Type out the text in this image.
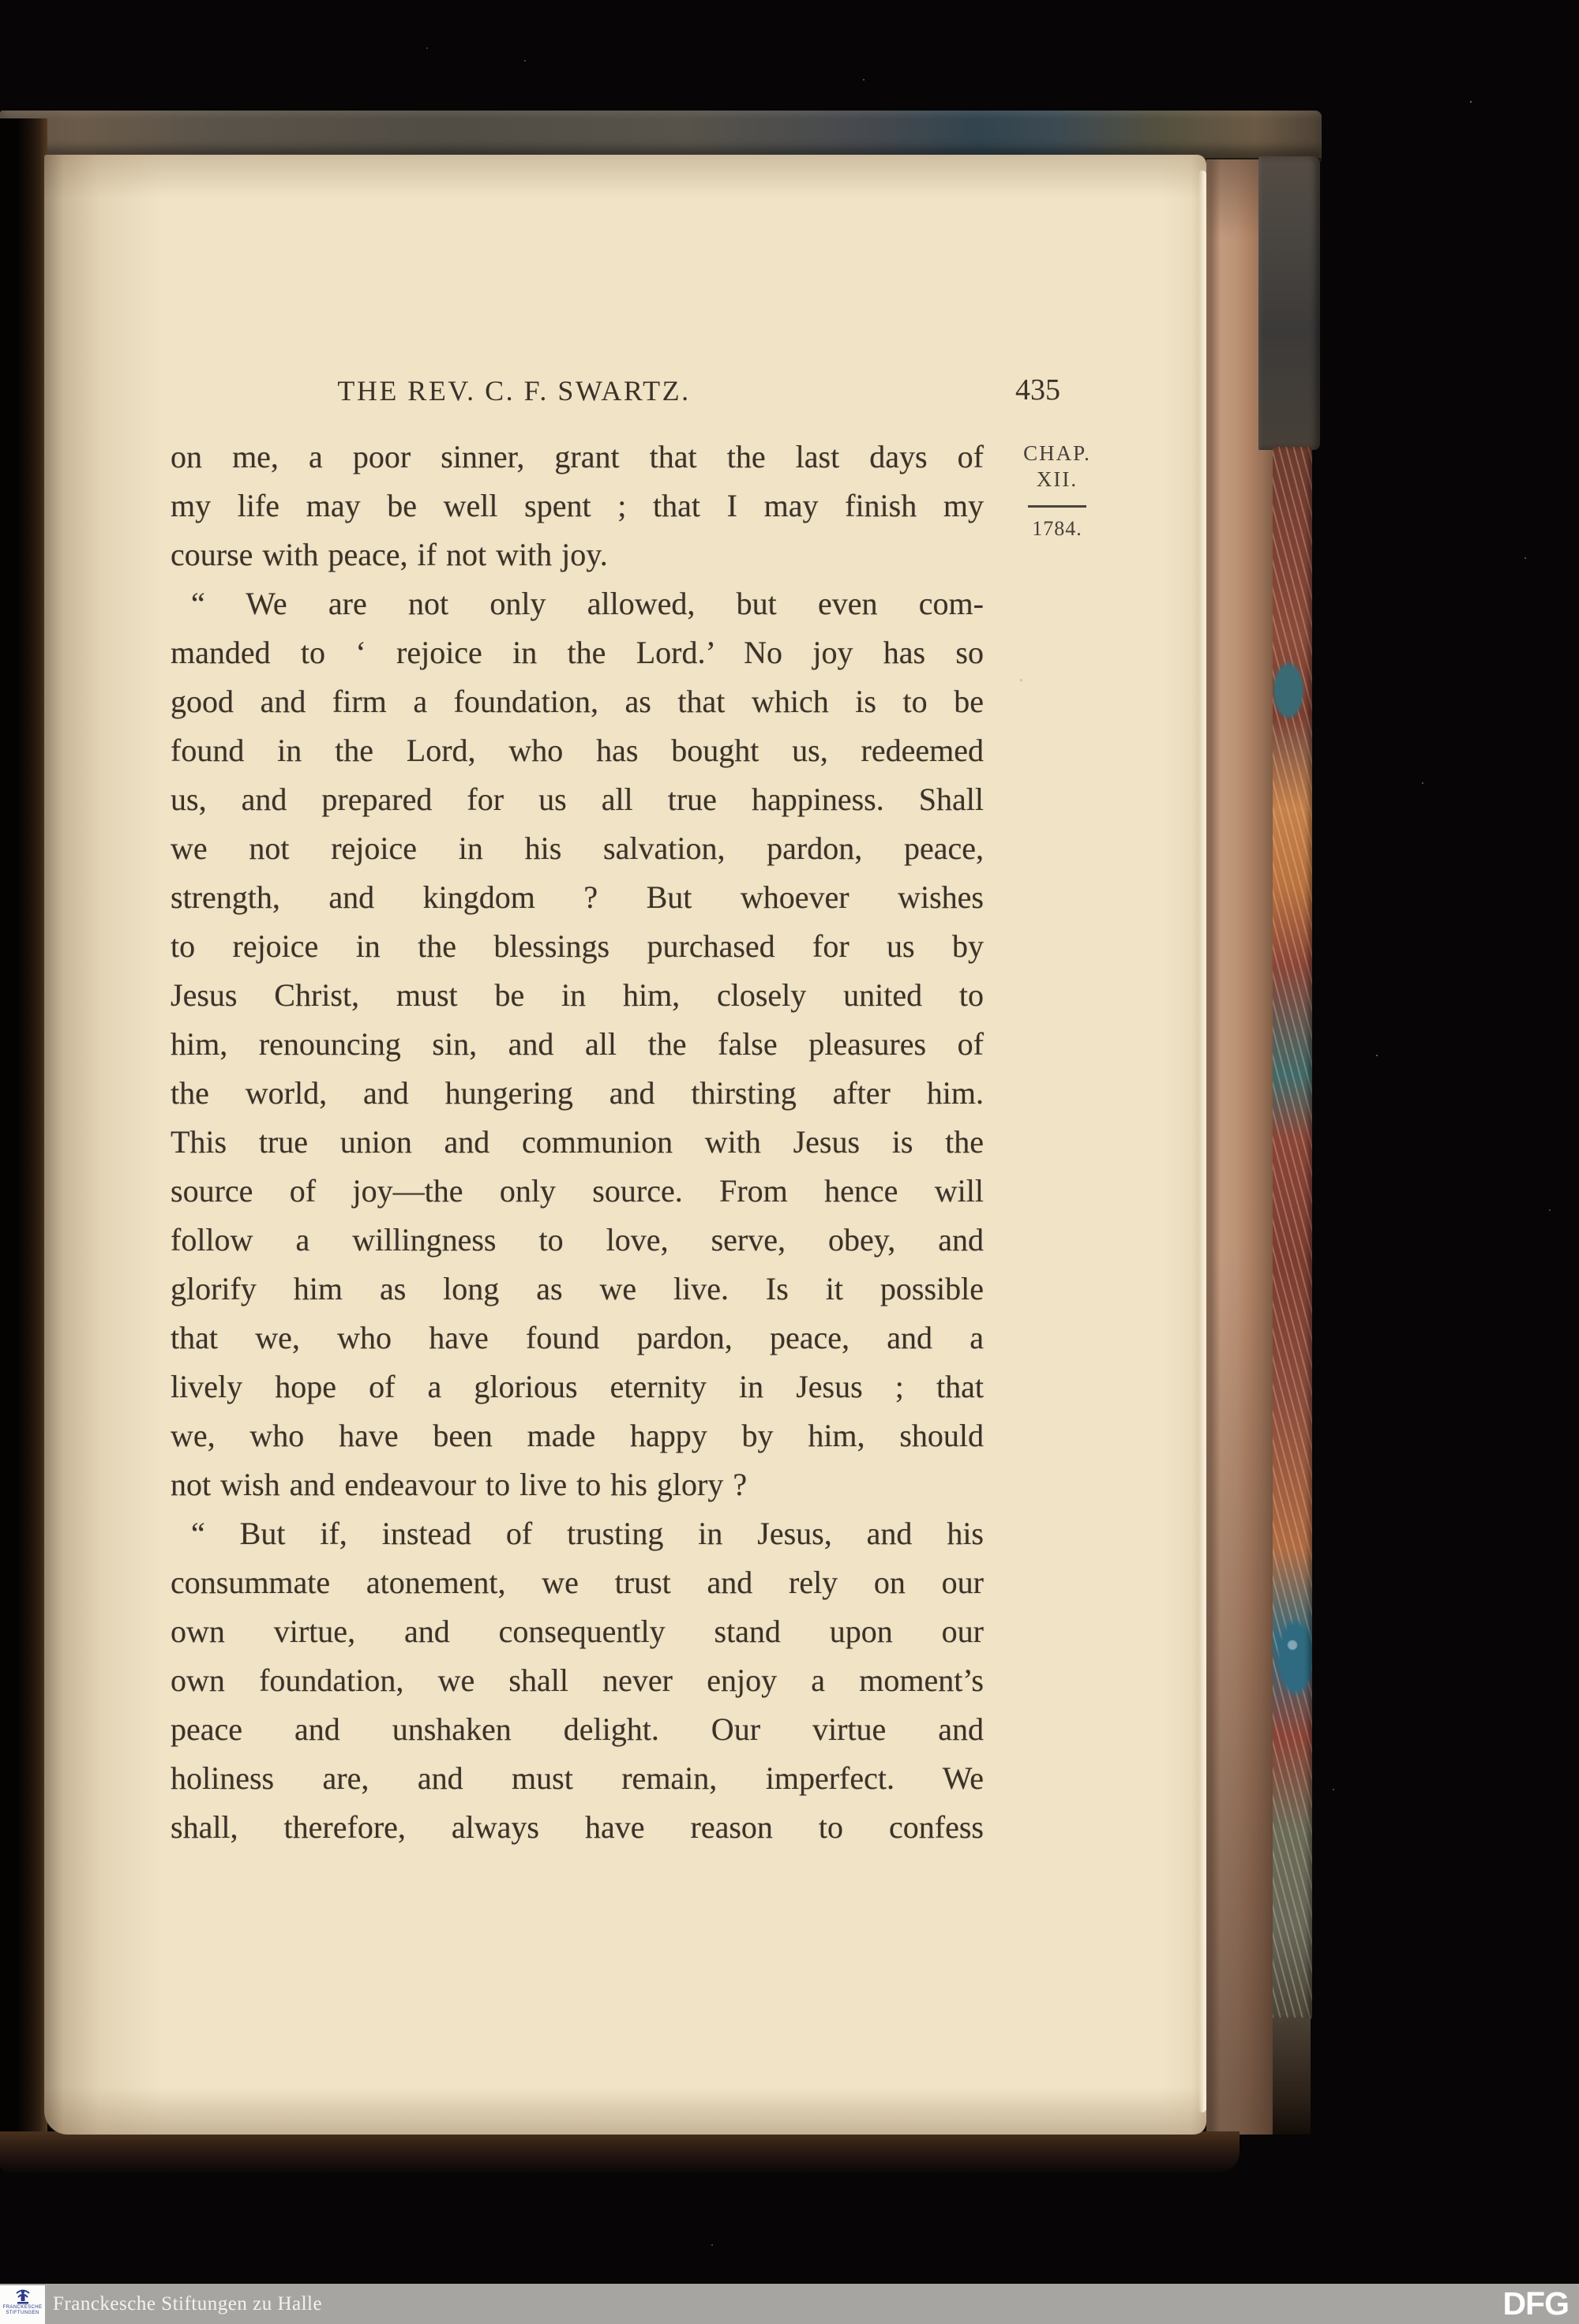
THE REV. C. F. SWARTZ.	435
CHAP.
XII.
1784.
on me, a poor sinner, grant that the last days of
my life may be well spent ; that I may finish my
course with peace, if not with joy.
“ We are not only allowed, but even com-
manded to ‘ rejoice in the Lord.’ No joy has so
good and firm a foundation, as that which is to be
found in the Lord, who has bought us, redeemed
us, and prepared for us all true happiness. Shall
we not rejoice in his salvation, pardon, peace,
strength, and kingdom ? But whoever wishes
to rejoice in the blessings purchased for us by
Jesus Christ, must be in him, closely united to
him, renouncing sin, and all the false pleasures of
the world, and hungering and thirsting after him.
This true union and communion with Jesus is the
source of joy—the only source. From hence will
follow a willingness to love, serve, obey, and
glorify him as long as we live. Is it possible
that we, who have found pardon, peace, and a
lively hope of a glorious eternity in Jesus ; that
we, who have been made happy by him, should
not wish and endeavour to live to his glory ?
“ But if, instead of trusting in Jesus, and his
consummate atonement, we trust and rely on our
own virtue, and consequently stand upon our
own foundation, we shall never enjoy a moment’s
peace and unshaken delight. Our virtue and
holiness are, and must remain, imperfect. We
shall, therefore, always have reason to confess
FRANCKESCHE
STIFTUNGEN Franckesche Stiftungen zu Halle	DFG
